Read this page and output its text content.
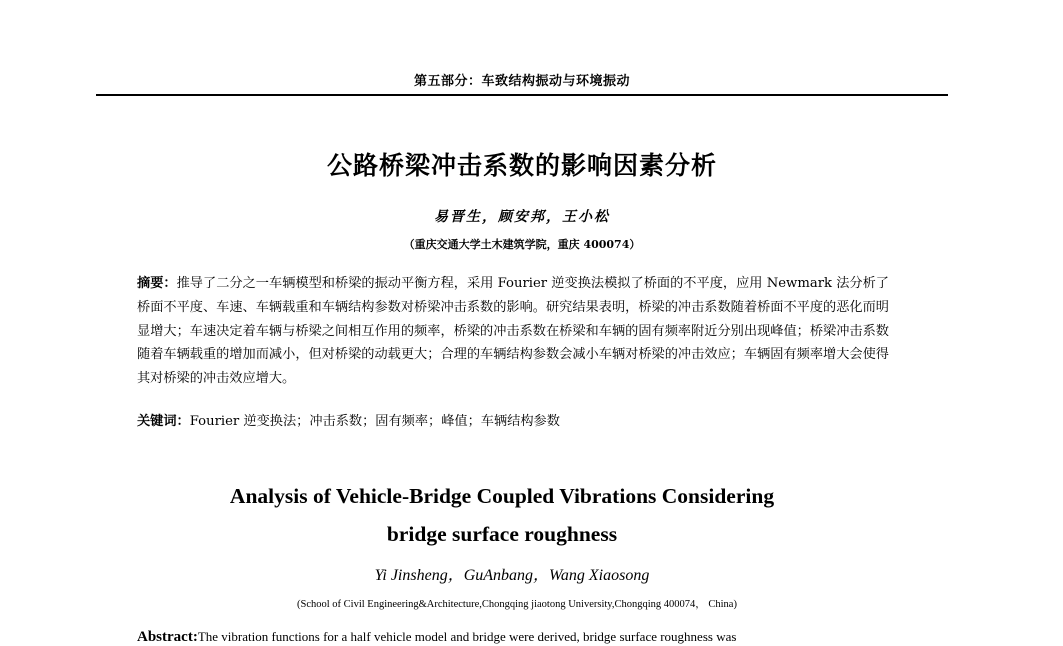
第五部分：车致结构振动与环境振动
公路桥梁冲击系数的影响因素分析
易晋生，顾安邦，王小松
（重庆交通大学土木建筑学院，重庆 400074）
摘要：推导了二分之一车辆模型和桥梁的振动平衡方程，采用 Fourier 逆变换法模拟了桥面的不平度，应用 Newmark 法分析了桥面不平度、车速、车辆载重和车辆结构参数对桥梁冲击系数的影响。研究结果表明，桥梁的冲击系数随着桥面不平度的恶化而明显增大；车速决定着车辆与桥梁之间相互作用的频率，桥梁的冲击系数在桥梁和车辆的固有频率附近分别出现峰值；桥梁冲击系数随着车辆载重的增加而减小，但对桥梁的动载更大；合理的车辆结构参数会减小车辆对桥梁的冲击效应；车辆固有频率增大会使得其对桥梁的冲击效应增大。
关键词：Fourier 逆变换法；冲击系数；固有频率；峰值；车辆结构参数
Analysis of Vehicle-Bridge Coupled Vibrations Considering
bridge surface roughness
Yi Jinsheng，GuAnbang，Wang Xiaosong
(School of Civil Engineering&Architecture,Chongqing jiaotong University,Chongqing 400074， China)
Abstract:The vibration functions for a half vehicle model and bridge were derived, bridge surface roughness was
